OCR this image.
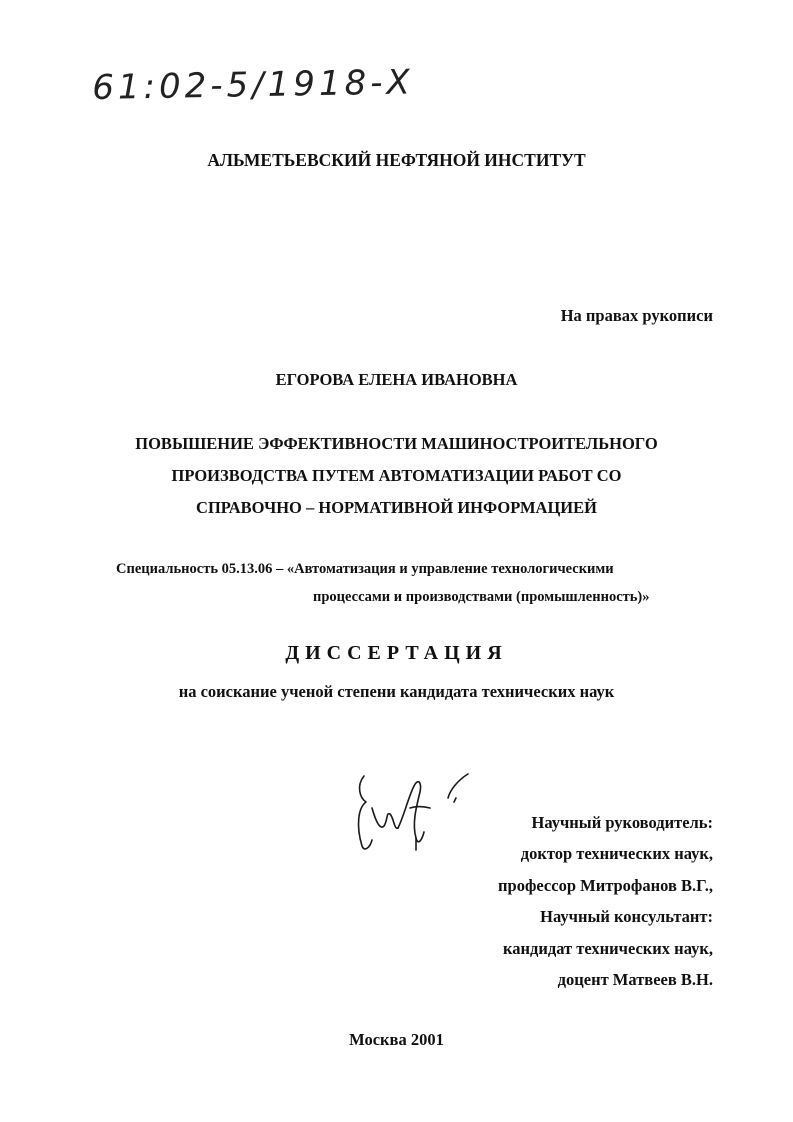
61:02-5/1918-Х
АЛЬМЕТЬЕВСКИЙ НЕФТЯНОЙ ИНСТИТУТ
На правах рукописи
ЕГОРОВА ЕЛЕНА ИВАНОВНА
ПОВЫШЕНИЕ ЭФФЕКТИВНОСТИ МАШИНОСТРОИТЕЛЬНОГО
ПРОИЗВОДСТВА ПУТЕМ АВТОМАТИЗАЦИИ РАБОТ СО
СПРАВОЧНО – НОРМАТИВНОЙ ИНФОРМАЦИЕЙ
Специальность 05.13.06 – «Автоматизация и управление технологическими
процессами и производствами (промышленность)»
ДИССЕРТАЦИЯ
на соискание ученой степени кандидата технических наук
Научный руководитель:
доктор технических наук,
профессор Митрофанов В.Г.,
Научный консультант:
кандидат технических наук,
доцент Матвеев В.Н.
Москва 2001
